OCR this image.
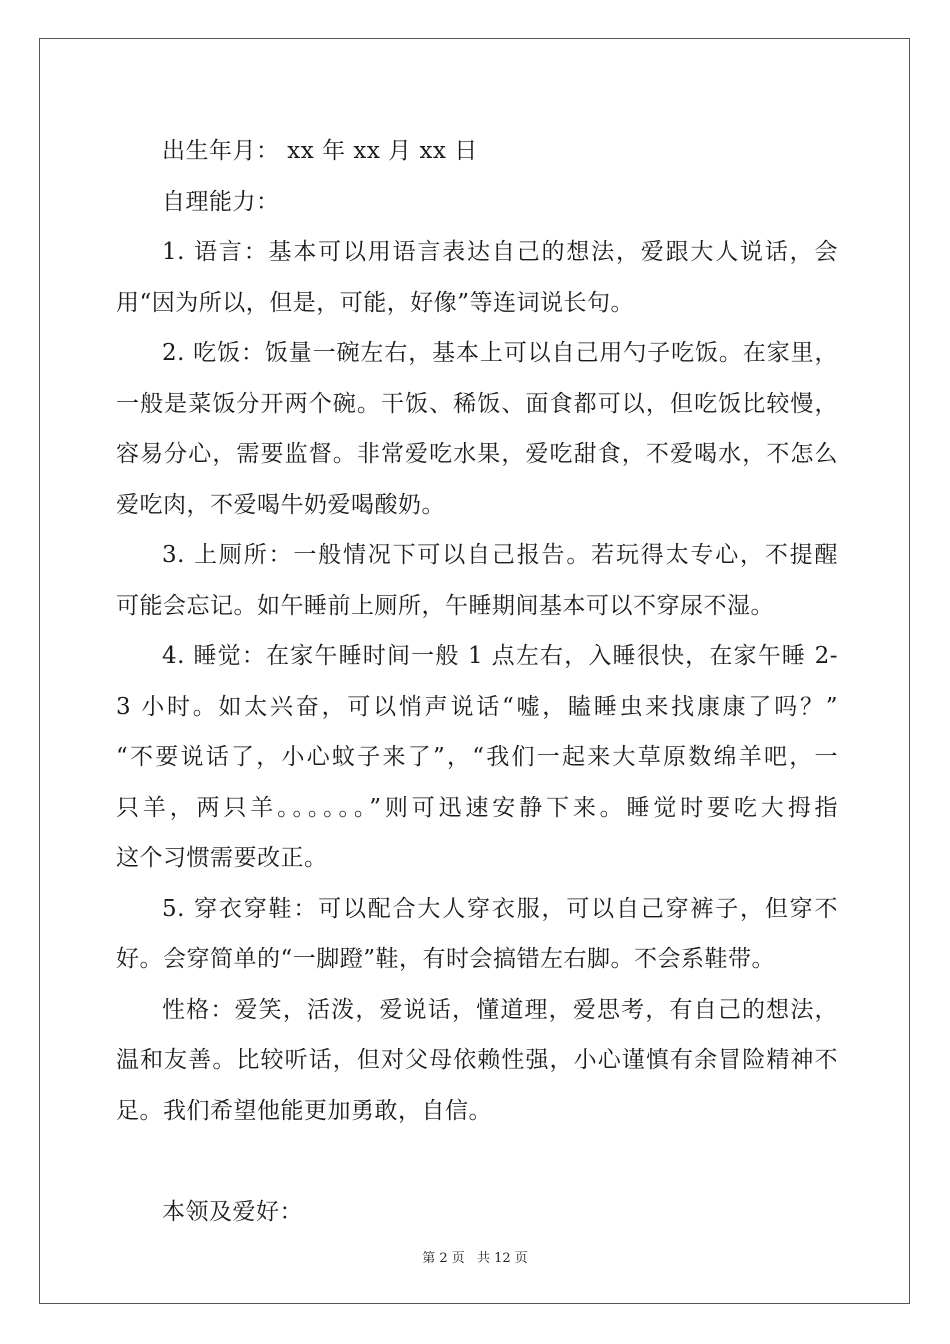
出生年月： xx 年 xx 月 xx 日
自理能力：
1. 语言：基本可以用语言表达自己的想法，爱跟大人说话，会
用“因为所以，但是，可能，好像”等连词说长句。
2. 吃饭：饭量一碗左右，基本上可以自己用勺子吃饭。在家里，
一般是菜饭分开两个碗。干饭、稀饭、面食都可以，但吃饭比较慢，
容易分心，需要监督。非常爱吃水果，爱吃甜食，不爱喝水，不怎么
爱吃肉，不爱喝牛奶爱喝酸奶。
3. 上厕所：一般情况下可以自己报告。若玩得太专心，不提醒
可能会忘记。如午睡前上厕所，午睡期间基本可以不穿尿不湿。
4. 睡觉：在家午睡时间一般 1 点左右，入睡很快，在家午睡 2-
3 小时。如太兴奋，可以悄声说话“嘘，瞌睡虫来找康康了吗？”
“不要说话了，小心蚊子来了”，“我们一起来大草原数绵羊吧，一
只羊，两只羊。。。。。。”则可迅速安静下来。睡觉时要吃大拇指
这个习惯需要改正。
5. 穿衣穿鞋：可以配合大人穿衣服，可以自己穿裤子，但穿不
好。会穿简单的“一脚蹬”鞋，有时会搞错左右脚。不会系鞋带。
性格：爱笑，活泼，爱说话，懂道理，爱思考，有自己的想法，
温和友善。比较听话，但对父母依赖性强，小心谨慎有余冒险精神不
足。我们希望他能更加勇敢，自信。
本领及爱好：
第 2 页 共 12 页
